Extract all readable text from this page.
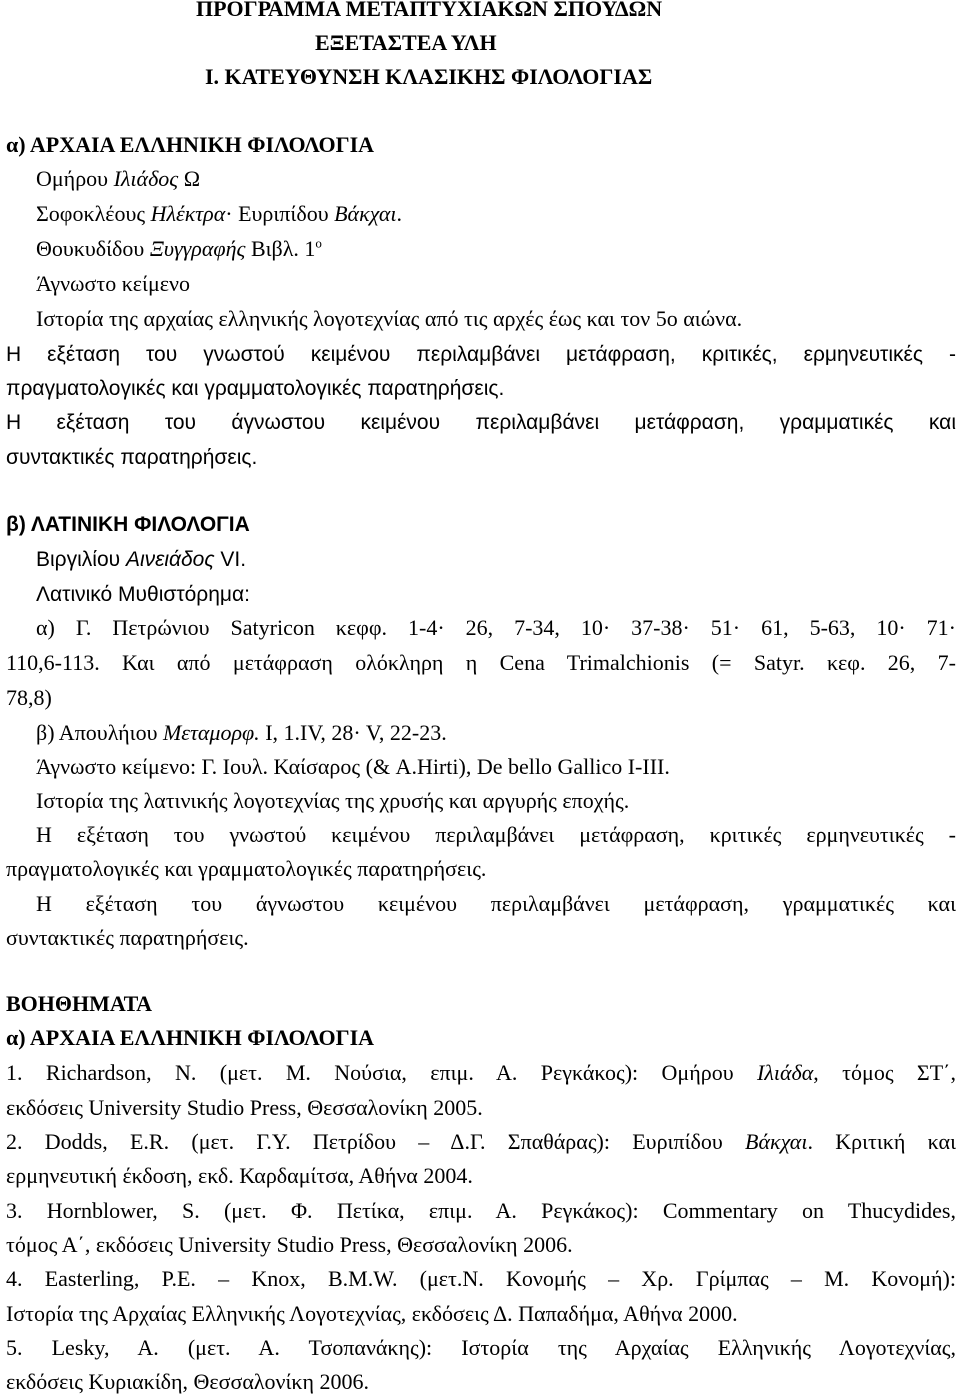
ΠΡΟΓΡΑΜΜΑ ΜΕΤΑΠΤΥΧΙΑΚΩΝ ΣΠΟΥΔΩΝ
ΕΞΕΤΑΣΤΕΑ ΥΛΗ
Ι. ΚΑΤΕΥΘΥΝΣΗ ΚΛΑΣΙΚΗΣ ΦΙΛΟΛΟΓΙΑΣ
α) ΑΡΧΑΙΑ ΕΛΛΗΝΙΚΗ ΦΙΛΟΛΟΓΙΑ
Ομήρου Ιλιάδος Ω
Σοφοκλέους Ηλέκτρα· Ευριπίδου Βάκχαι.
Θουκυδίδου Ξυγγραφής Βιβλ. $1^o$
Άγνωστο κείμενο
Ιστορία της αρχαίας ελληνικής λογοτεχνίας από τις αρχές έως και τον 5ο αιώνα.
Η εξέταση του γνωστού κειμένου περιλαμβάνει μετάφραση, κριτικές, ερμηνευτικές -
πραγματολογικές και γραμματολογικές παρατηρήσεις.
Η εξέταση του άγνωστου κειμένου περιλαμβάνει μετάφραση, γραμματικές και
συντακτικές παρατηρήσεις.
β) ΛΑΤΙΝΙΚΗ ΦΙΛΟΛΟΓΙΑ
Βιργιλίου Αινειάδος VI.
Λατινικό Μυθιστόρημα:
α) Γ. Πετρώνιου Satyricon κεφφ. 1-4· 26, 7-34, 10· 37-38· 51· 61, 5-63, 10· 71·
110,6-113. Και από μετάφραση ολόκληρη η Cena Trimalchionis (= Satyr. κεφ. 26, 7-
78,8)
β) Απουλήιου Μεταμορφ. I, 1.IV, 28· V, 22-23.
Άγνωστο κείμενο: Γ. Ιουλ. Καίσαρος (& A.Hirti), De bello Gallico I-III.
Ιστορία της λατινικής λογοτεχνίας της χρυσής και αργυρής εποχής.
Η εξέταση του γνωστού κειμένου περιλαμβάνει μετάφραση, κριτικές ερμηνευτικές -
πραγματολογικές και γραμματολογικές παρατηρήσεις.
Η εξέταση του άγνωστου κειμένου περιλαμβάνει μετάφραση, γραμματικές και
συντακτικές παρατηρήσεις.
ΒΟΗΘΗΜΑΤΑ
α) ΑΡΧΑΙΑ ΕΛΛΗΝΙΚΗ ΦΙΛΟΛΟΓΙΑ
1. Richardson, N. (μετ. Μ. Νούσια, επιμ. Α. Ρεγκάκος): Ομήρου Ιλιάδα, τόμος ΣΤ΄,
εκδόσεις University Studio Press, Θεσσαλονίκη 2005.
2. Dodds, E.R. (μετ. Γ.Υ. Πετρίδου – Δ.Γ. Σπαθάρας): Ευριπίδου Βάκχαι. Κριτική και
ερμηνευτική έκδοση, εκδ. Καρδαμίτσα, Αθήνα 2004.
3. Hornblower, S. (μετ. Φ. Πετίκα, επιμ. Α. Ρεγκάκος): Commentary on Thucydides,
τόμος Α΄, εκδόσεις University Studio Press, Θεσσαλονίκη 2006.
4. Easterling, P.E. – Knox, B.M.W. (μετ.Ν. Κονομής – Χρ. Γρίμπας – Μ. Κονομή):
Ιστορία της Αρχαίας Ελληνικής Λογοτεχνίας, εκδόσεις Δ. Παπαδήμα, Αθήνα 2000.
5. Lesky, A. (μετ. Α. Τσοπανάκης): Ιστορία της Αρχαίας Ελληνικής Λογοτεχνίας,
εκδόσεις Κυριακίδη, Θεσσαλονίκη 2006.
